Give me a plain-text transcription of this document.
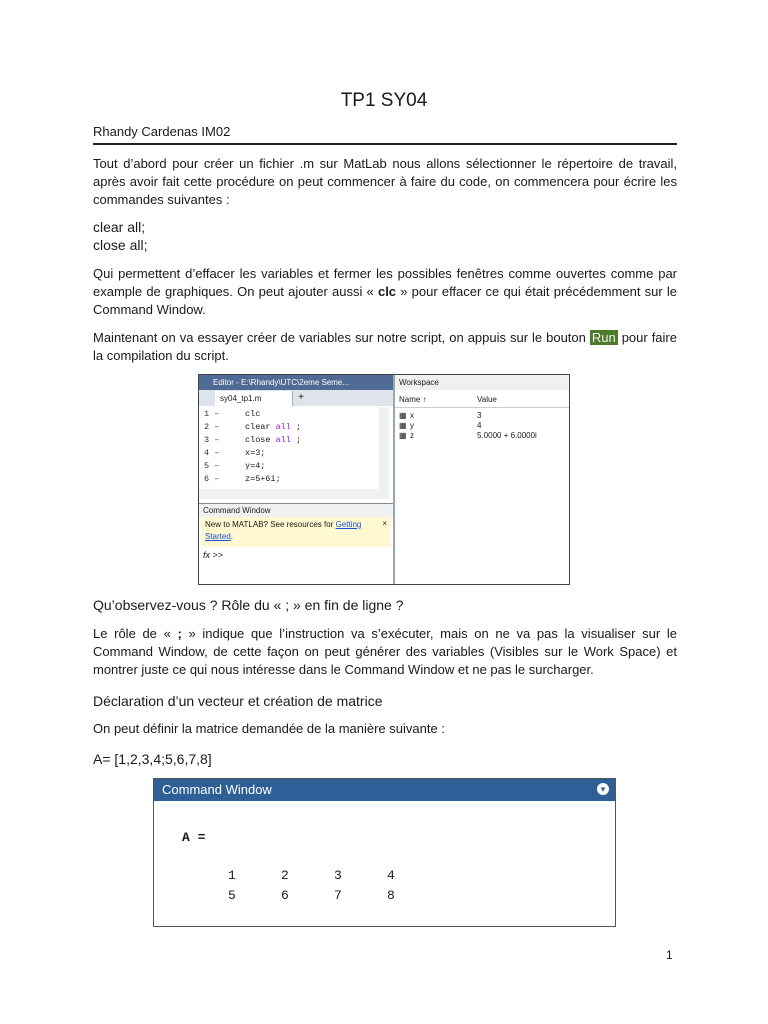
TP1 SY04
Rhandy Cardenas IM02
Tout d’abord pour créer un fichier .m sur MatLab nous allons sélectionner le répertoire de travail, après avoir fait cette procédure on peut commencer à faire du code, on commencera pour écrire les commandes suivantes :
clear all;
close all;
Qui permettent d’effacer les variables et fermer les possibles fenêtres comme ouvertes comme par example de graphiques. On peut ajouter aussi « clc » pour effacer ce qui était précédemment sur le Command Window.
Maintenant on va essayer créer de variables sur notre script, on appuis sur le bouton Run pour faire la compilation du script.
Editor - E:\Rhandy\UTC\2eme Seme...
sy04_tp1.m	+
1 –	clc
2 –	clear all ;
3 –	close all ;
4 –	x=3;
5 –	y=4;
6 –	z=5+6i;
Command Window
New to MATLAB? See resources for Getting Started.
×
fx >>
Workspace
Name ↑	Value
▦ x	3
▦ y	4
▦ z	5.0000 + 6.0000i
Qu’observez-vous ? Rôle du « ; » en fin de ligne ?
Le rôle de « ; » indique que l’instruction va s’exécuter, mais on ne va pas la visualiser sur le Command Window, de cette façon on peut générer des variables (Visibles sur le Work Space) et montrer juste ce qui nous intéresse dans le Command Window et ne pas le surcharger.
Déclaration d’un vecteur et création de matrice
On peut définir la matrice demandée de la manière suivante :
A= [1,2,3,4;5,6,7,8]
Command Window	▾
A =
1	2	3	4
5	6	7	8
1
